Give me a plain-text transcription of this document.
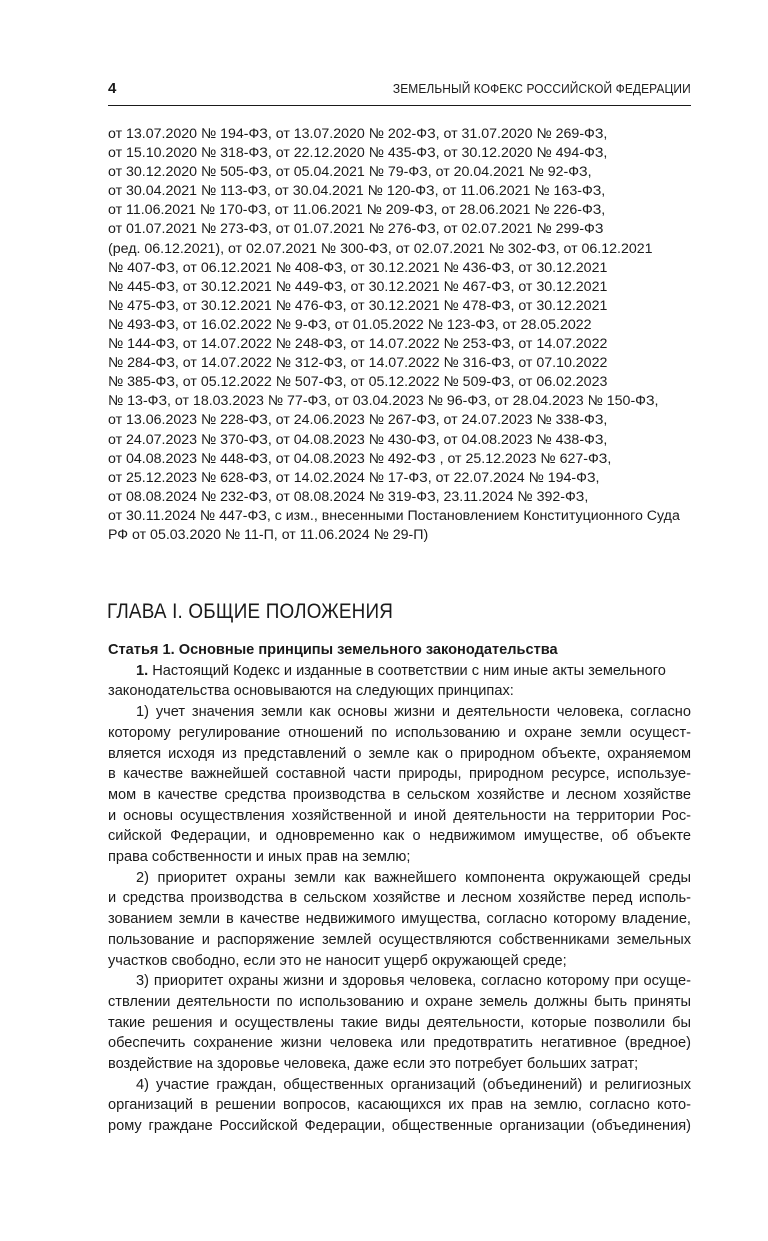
4	ЗЕМЕЛЬНЫЙ КОФЕКС РОССИЙСКОЙ ФЕДЕРАЦИИ
от 13.07.2020 № 194-ФЗ, от 13.07.2020 № 202-ФЗ, от 31.07.2020 № 269-ФЗ,
от 15.10.2020 № 318-ФЗ, от 22.12.2020 № 435-ФЗ, от 30.12.2020 № 494-ФЗ,
от 30.12.2020 № 505-ФЗ, от 05.04.2021 № 79-ФЗ, от 20.04.2021 № 92-ФЗ,
от 30.04.2021 № 113-ФЗ, от 30.04.2021 № 120-ФЗ, от 11.06.2021 № 163-ФЗ,
от 11.06.2021 № 170-ФЗ, от 11.06.2021 № 209-ФЗ, от 28.06.2021 № 226-ФЗ,
от 01.07.2021 № 273-ФЗ, от 01.07.2021 № 276-ФЗ, от 02.07.2021 № 299-ФЗ
(ред. 06.12.2021), от 02.07.2021 № 300-ФЗ, от 02.07.2021 № 302-ФЗ, от 06.12.2021
№ 407-ФЗ, от 06.12.2021 № 408-ФЗ, от 30.12.2021 № 436-ФЗ, от 30.12.2021
№ 445-ФЗ, от 30.12.2021 № 449-ФЗ, от 30.12.2021 № 467-ФЗ, от 30.12.2021
№ 475-ФЗ, от 30.12.2021 № 476-ФЗ, от 30.12.2021 № 478-ФЗ, от 30.12.2021
№ 493-ФЗ, от 16.02.2022 № 9-ФЗ, от 01.05.2022 № 123-ФЗ, от 28.05.2022
№ 144-ФЗ, от 14.07.2022 № 248-ФЗ, от 14.07.2022 № 253-ФЗ, от 14.07.2022
№ 284-ФЗ, от 14.07.2022 № 312-ФЗ, от 14.07.2022 № 316-ФЗ, от 07.10.2022
№ 385-ФЗ, от 05.12.2022 № 507-ФЗ, от 05.12.2022 № 509-ФЗ, от 06.02.2023
№ 13-ФЗ, от 18.03.2023 № 77-ФЗ, от 03.04.2023 № 96-ФЗ, от 28.04.2023 № 150-ФЗ,
от 13.06.2023 № 228-ФЗ, от 24.06.2023 № 267-ФЗ, от 24.07.2023 № 338-ФЗ,
от 24.07.2023 № 370-ФЗ, от 04.08.2023 № 430-ФЗ, от 04.08.2023 № 438-ФЗ,
от 04.08.2023 № 448-ФЗ, от 04.08.2023 № 492-ФЗ , от 25.12.2023 № 627-ФЗ,
от 25.12.2023 № 628-ФЗ, от 14.02.2024 № 17-ФЗ, от 22.07.2024 № 194-ФЗ,
от 08.08.2024 № 232-ФЗ, от 08.08.2024 № 319-ФЗ, 23.11.2024 № 392-ФЗ,
от 30.11.2024 № 447-ФЗ, с изм., внесенными Постановлением Конституционного Суда
РФ от 05.03.2020 № 11-П, от 11.06.2024 № 29-П)
ГЛАВА I. ОБЩИЕ ПОЛОЖЕНИЯ
Статья 1. Основные принципы земельного законодательства
1. Настоящий Кодекс и изданные в соответствии с ним иные акты земельного
законодательства основываются на следующих принципах:
1) учет значения земли как основы жизни и деятельности человека, согласно
которому регулирование отношений по использованию и охране земли осущест-
вляется исходя из представлений о земле как о природном объекте, охраняемом
в качестве важнейшей составной части природы, природном ресурсе, используе-
мом в качестве средства производства в сельском хозяйстве и лесном хозяйстве
и основы осуществления хозяйственной и иной деятельности на территории Рос-
сийской Федерации, и одновременно как о недвижимом имуществе, об объекте
права собственности и иных прав на землю;
2) приоритет охраны земли как важнейшего компонента окружающей среды
и средства производства в сельском хозяйстве и лесном хозяйстве перед исполь-
зованием земли в качестве недвижимого имущества, согласно которому владение,
пользование и распоряжение землей осуществляются собственниками земельных
участков свободно, если это не наносит ущерб окружающей среде;
3) приоритет охраны жизни и здоровья человека, согласно которому при осуще-
ствлении деятельности по использованию и охране земель должны быть приняты
такие решения и осуществлены такие виды деятельности, которые позволили бы
обеспечить сохранение жизни человека или предотвратить негативное (вредное)
воздействие на здоровье человека, даже если это потребует больших затрат;
4) участие граждан, общественных организаций (объединений) и религиозных
организаций в решении вопросов, касающихся их прав на землю, согласно кото-
рому граждане Российской Федерации, общественные организации (объединения)
